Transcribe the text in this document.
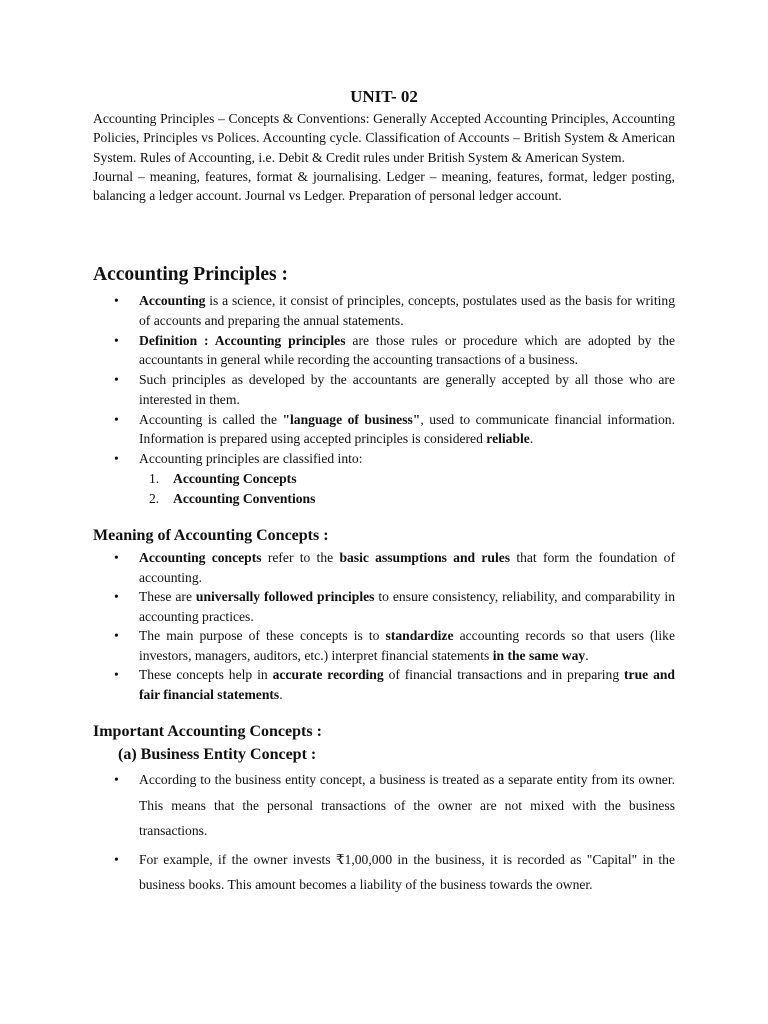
UNIT- 02

Accounting Principles – Concepts & Conventions: Generally Accepted Accounting Principles, Accounting Policies, Principles vs Polices. Accounting cycle. Classification of Accounts – British System & American System. Rules of Accounting, i.e. Debit & Credit rules under British System & American System.

Journal – meaning, features, format & journalising. Ledger – meaning, features, format, ledger posting, balancing a ledger account. Journal vs Ledger. Preparation of personal ledger account.

Accounting Principles :
• Accounting is a science, it consist of principles, concepts, postulates used as the basis for writing of accounts and preparing the annual statements.
• Definition : Accounting principles are those rules or procedure which are adopted by the accountants in general while recording the accounting transactions of a business.
• Such principles as developed by the accountants are generally accepted by all those who are interested in them.
• Accounting is called the "language of business", used to communicate financial information. Information is prepared using accepted principles is considered reliable.
• Accounting principles are classified into:
1. Accounting Concepts
2. Accounting Conventions
Meaning of Accounting Concepts :
• Accounting concepts refer to the basic assumptions and rules that form the foundation of accounting.
• These are universally followed principles to ensure consistency, reliability, and comparability in accounting practices.
• The main purpose of these concepts is to standardize accounting records so that users (like investors, managers, auditors, etc.) interpret financial statements in the same way.
• These concepts help in accurate recording of financial transactions and in preparing true and fair financial statements.
Important Accounting Concepts :
(a) Business Entity Concept :
• According to the business entity concept, a business is treated as a separate entity from its owner. This means that the personal transactions of the owner are not mixed with the business transactions.
• For example, if the owner invests ₹1,00,000 in the business, it is recorded as "Capital" in the business books. This amount becomes a liability of the business towards the owner.
